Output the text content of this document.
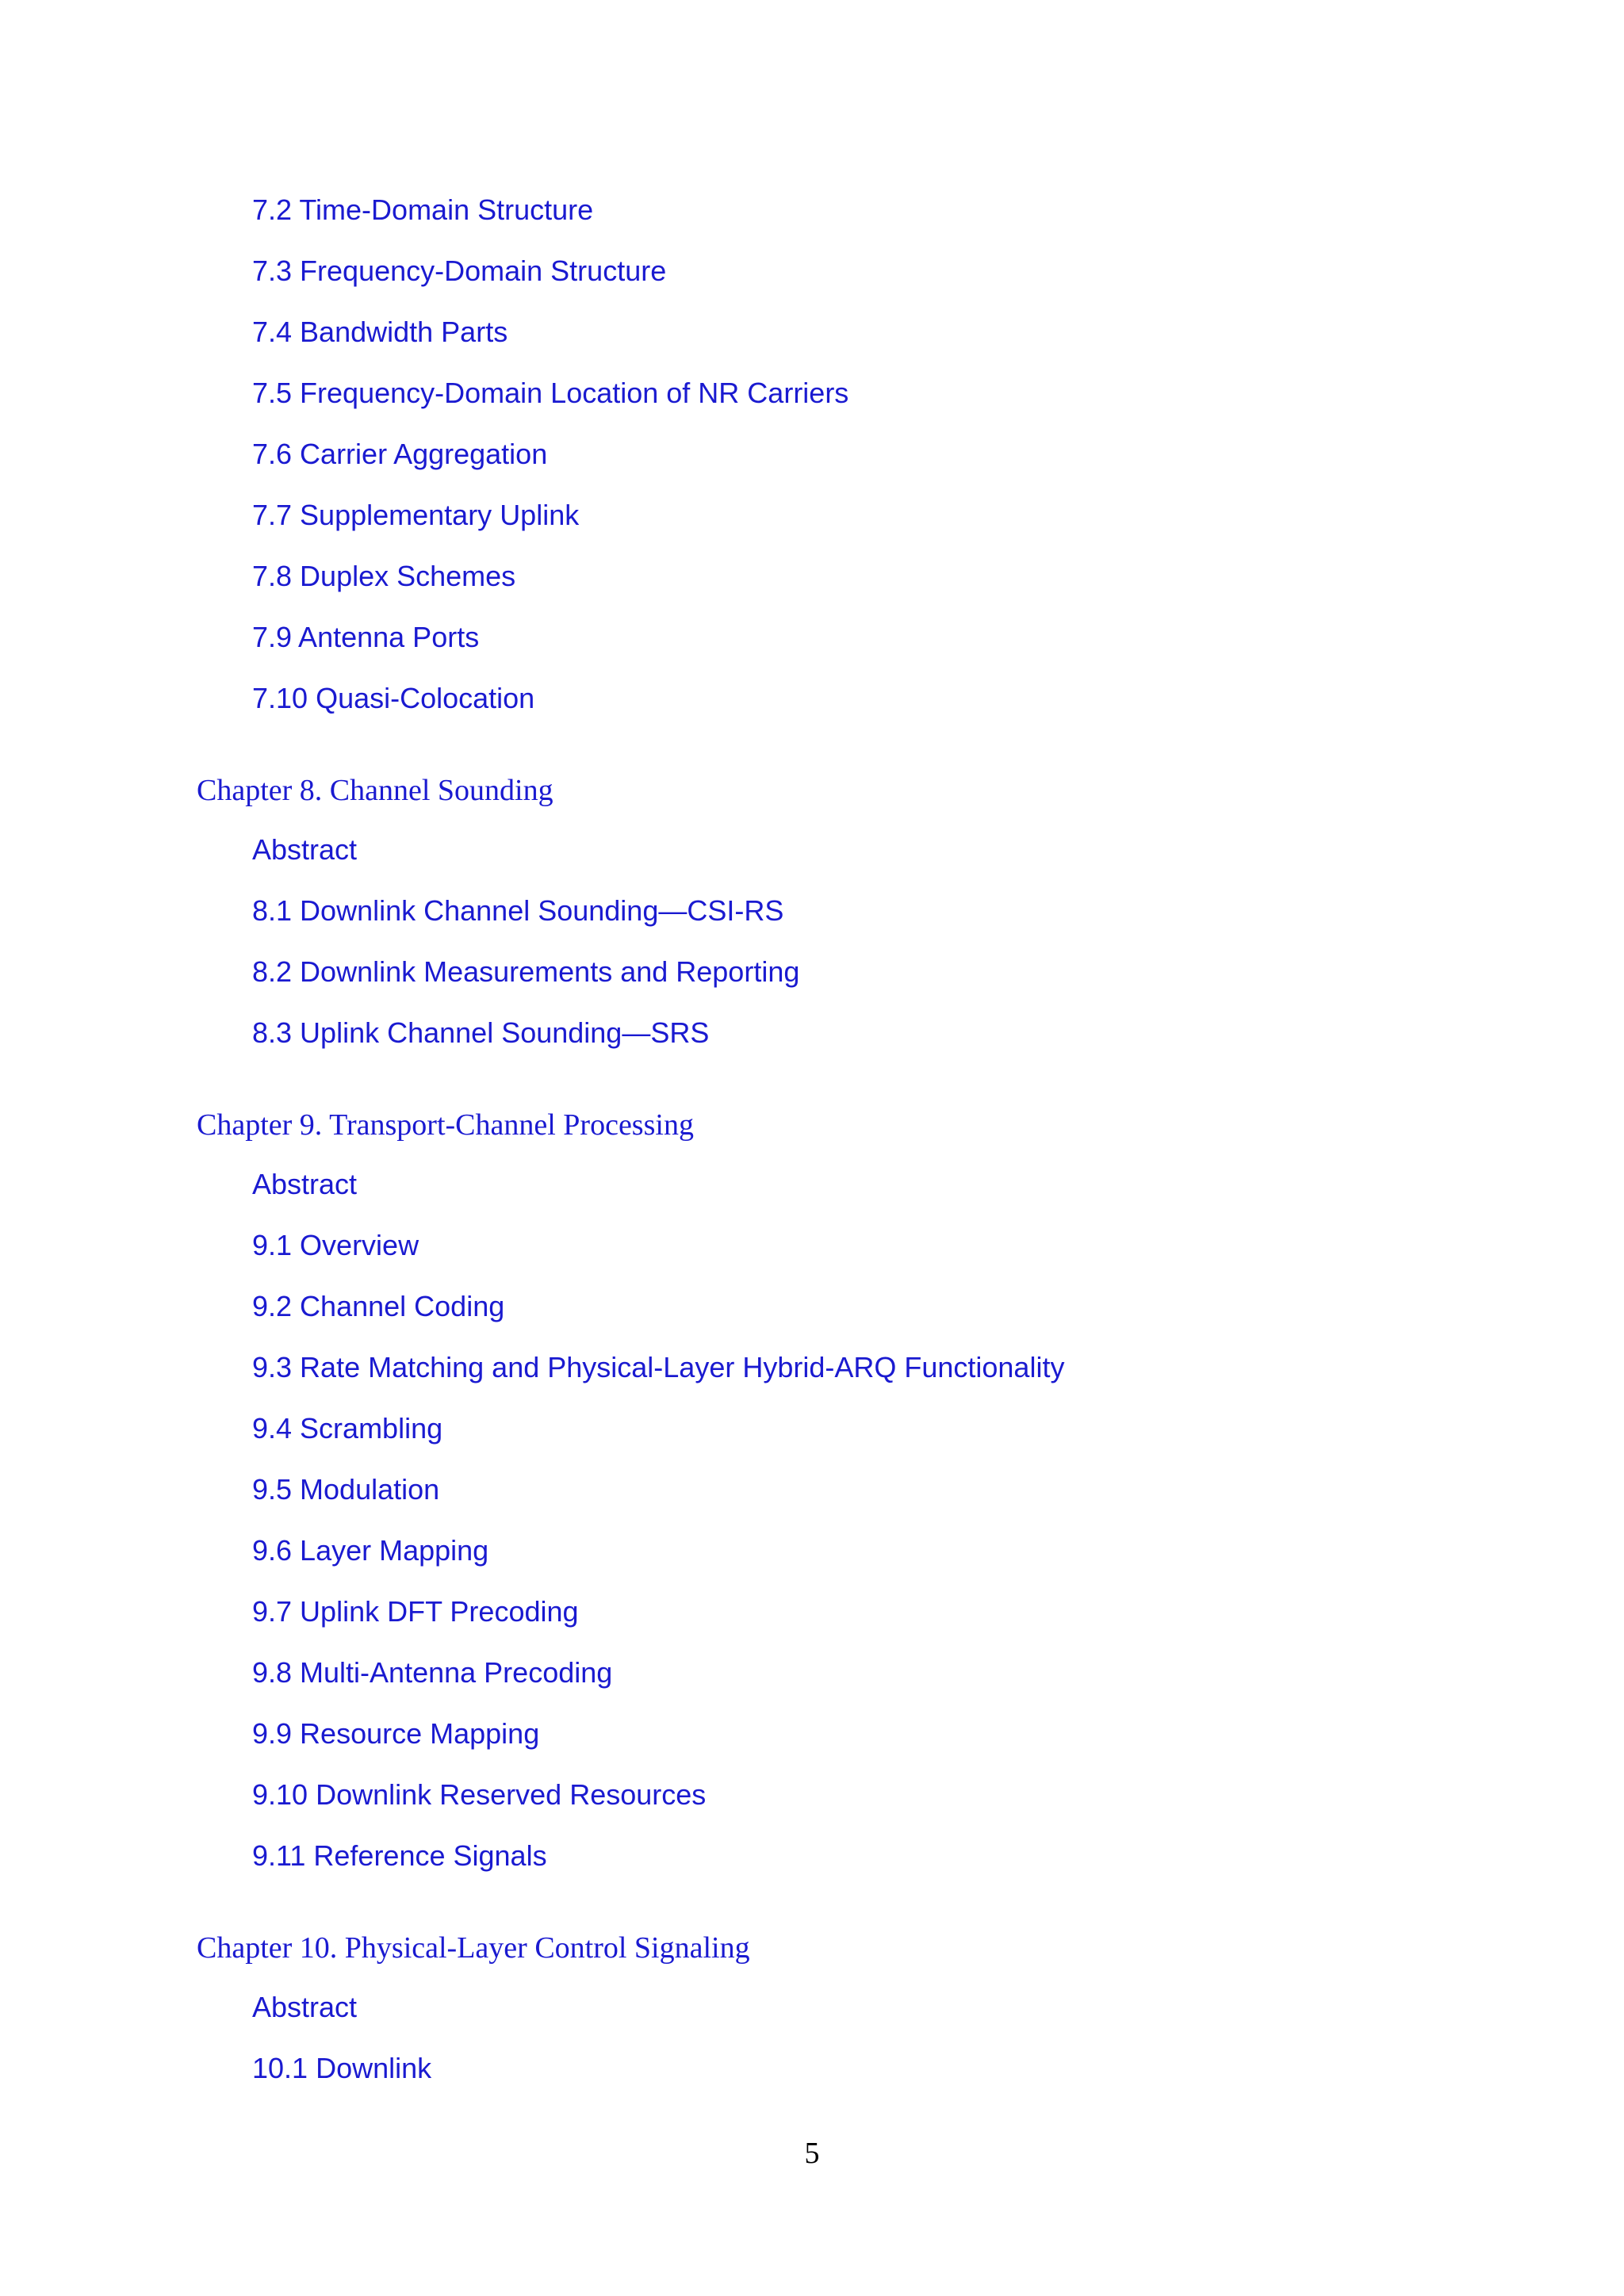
7.2 Time-Domain Structure
7.3 Frequency-Domain Structure
7.4 Bandwidth Parts
7.5 Frequency-Domain Location of NR Carriers
7.6 Carrier Aggregation
7.7 Supplementary Uplink
7.8 Duplex Schemes
7.9 Antenna Ports
7.10 Quasi-Colocation
Chapter 8. Channel Sounding
Abstract
8.1 Downlink Channel Sounding—CSI-RS
8.2 Downlink Measurements and Reporting
8.3 Uplink Channel Sounding—SRS
Chapter 9. Transport-Channel Processing
Abstract
9.1 Overview
9.2 Channel Coding
9.3 Rate Matching and Physical-Layer Hybrid-ARQ Functionality
9.4 Scrambling
9.5 Modulation
9.6 Layer Mapping
9.7 Uplink DFT Precoding
9.8 Multi-Antenna Precoding
9.9 Resource Mapping
9.10 Downlink Reserved Resources
9.11 Reference Signals
Chapter 10. Physical-Layer Control Signaling
Abstract
10.1 Downlink
5
